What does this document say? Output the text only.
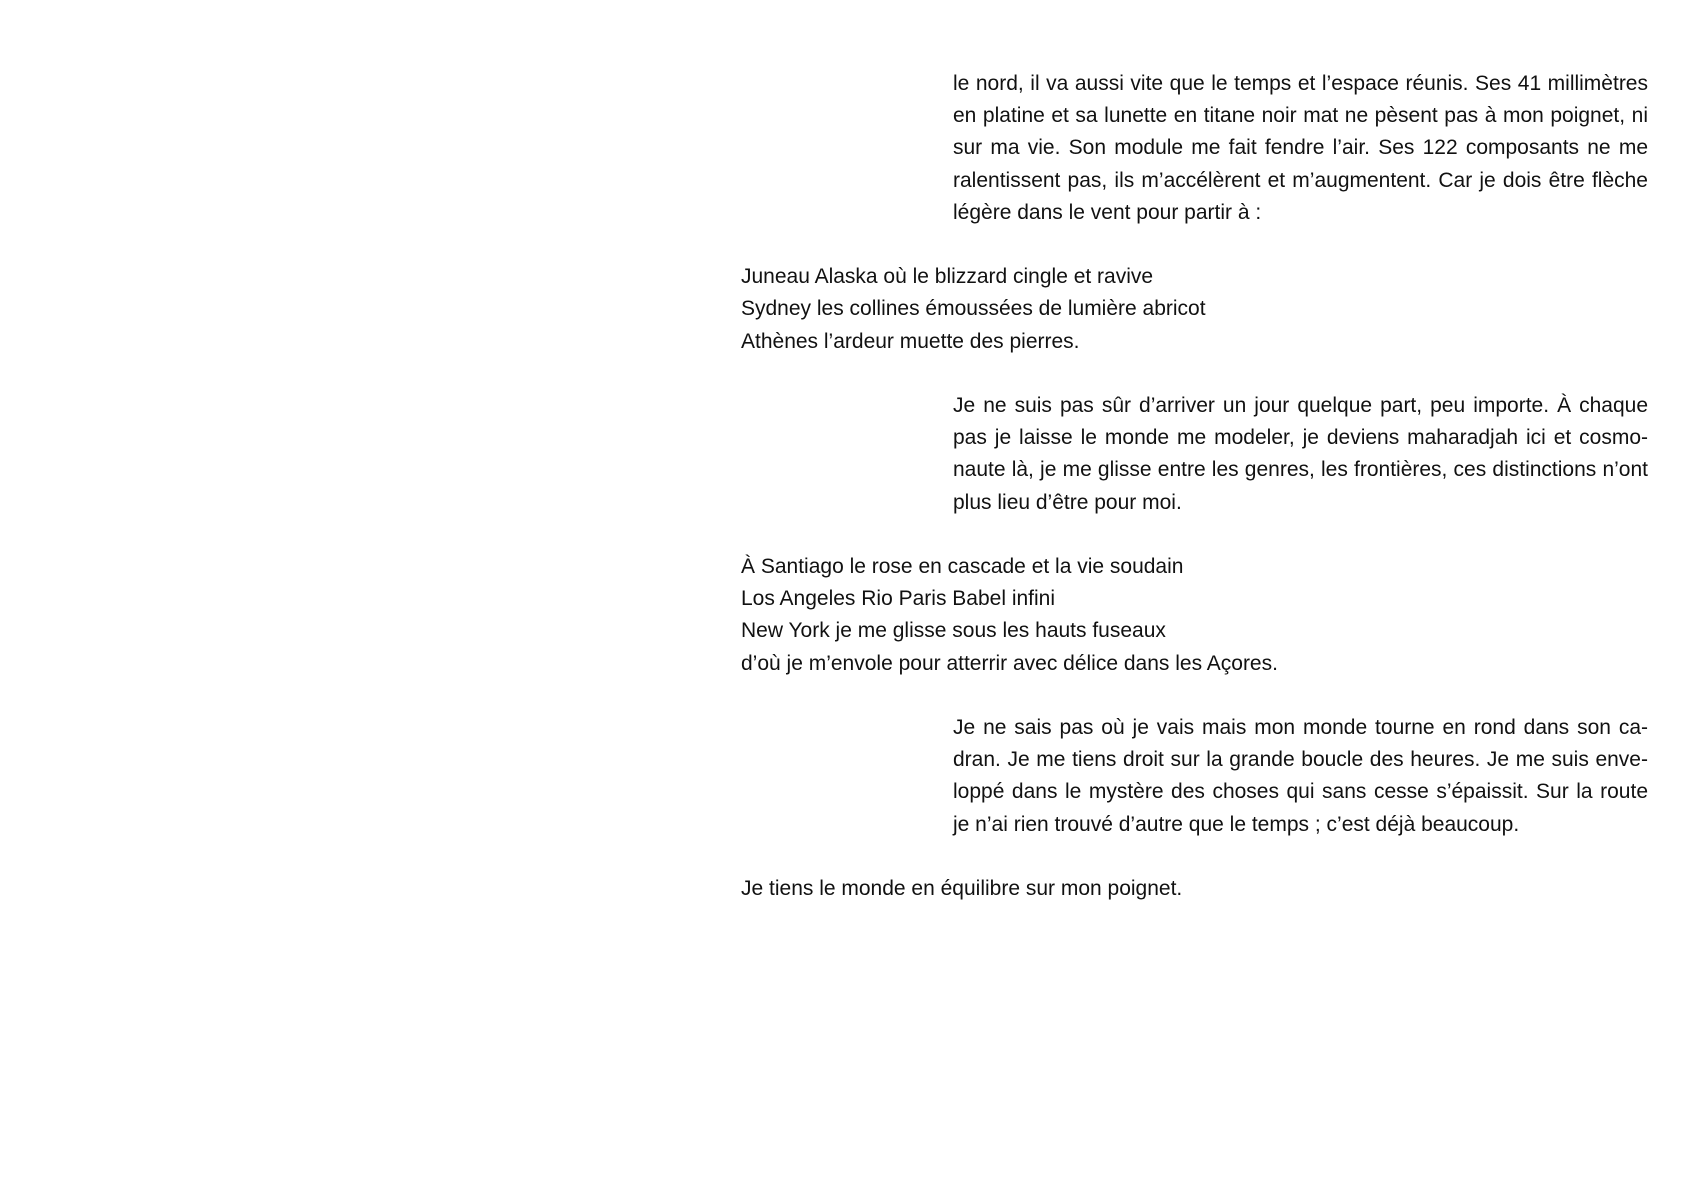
le nord, il va aussi vite que le temps et l’espace réunis. Ses 41 millimètres en platine et sa lunette en titane noir mat ne pèsent pas à mon poignet, ni sur ma vie. Son module me fait fendre l’air. Ses 122 composants ne me ralentissent pas, ils m’accélèrent et m’augmentent. Car je dois être flèche légère dans le vent pour partir à :

Juneau Alaska où le blizzard cingle et ravive
Sydney les collines émoussées de lumière abricot
Athènes l’ardeur muette des pierres.

Je ne suis pas sûr d’arriver un jour quelque part, peu importe. À chaque pas je laisse le monde me modeler, je deviens maharadjah ici et cosmonaute là, je me glisse entre les genres, les frontières, ces distinctions n’ont plus lieu d’être pour moi.

À Santiago le rose en cascade et la vie soudain
Los Angeles Rio Paris Babel infini
New York je me glisse sous les hauts fuseaux
d’où je m’envole pour atterrir avec délice dans les Açores.

Je ne sais pas où je vais mais mon monde tourne en rond dans son cadran. Je me tiens droit sur la grande boucle des heures. Je me suis enveloppé dans le mystère des choses qui sans cesse s’épaissit. Sur la route je n’ai rien trouvé d’autre que le temps ; c’est déjà beaucoup.

Je tiens le monde en équilibre sur mon poignet.
